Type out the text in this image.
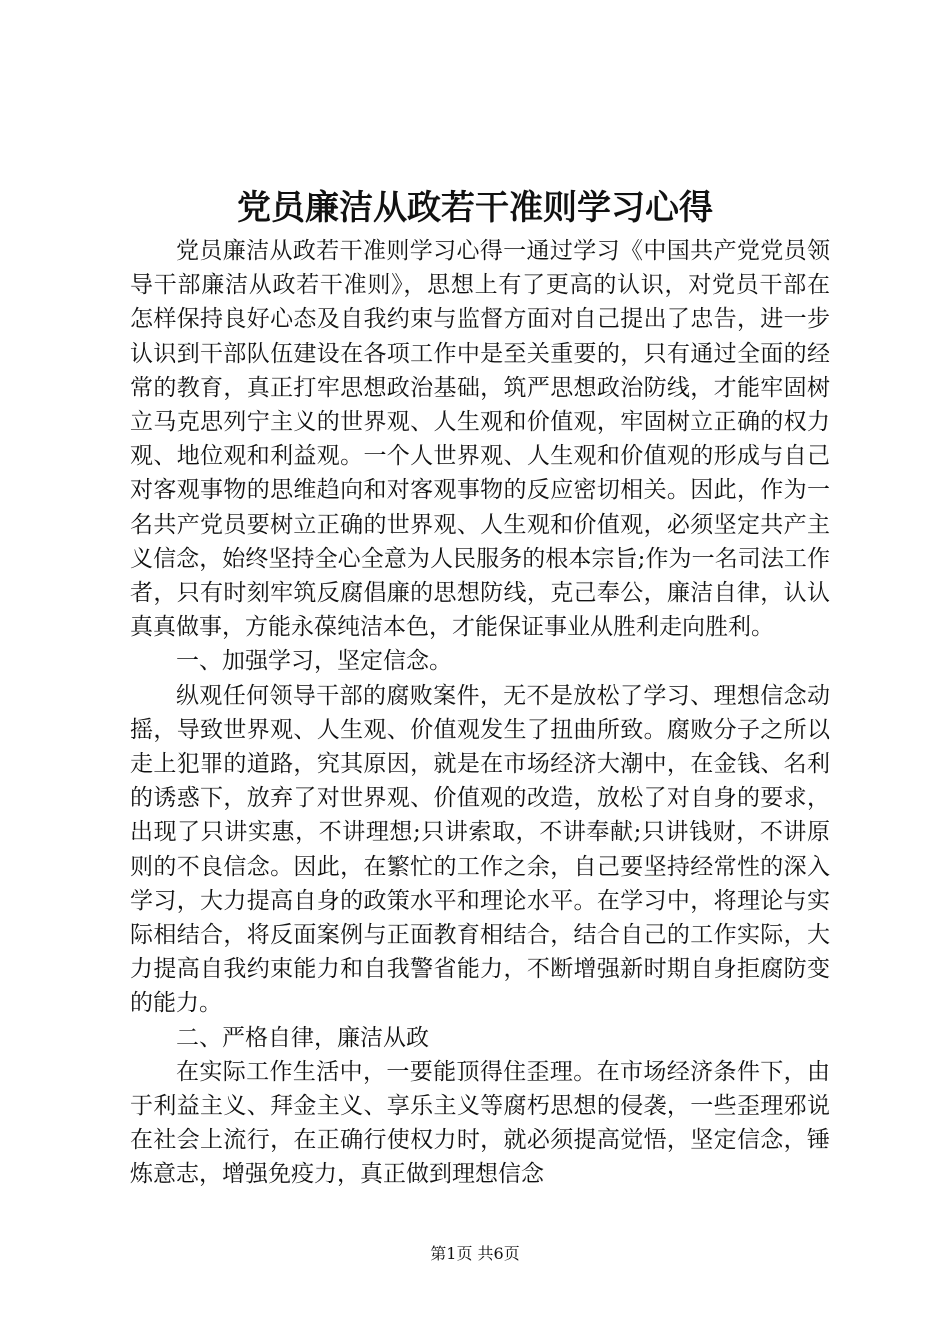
党员廉洁从政若干准则学习心得

党员廉洁从政若干准则学习心得一通过学习《中国共产党党员领导干部廉洁从政若干准则》，思想上有了更高的认识，对党员干部在怎样保持良好心态及自我约束与监督方面对自己提出了忠告，进一步认识到干部队伍建设在各项工作中是至关重要的，只有通过全面的经常的教育，真正打牢思想政治基础，筑严思想政治防线，才能牢固树立马克思列宁主义的世界观、人生观和价值观，牢固树立正确的权力观、地位观和利益观。一个人世界观、人生观和价值观的形成与自己对客观事物的思维趋向和对客观事物的反应密切相关。因此，作为一名共产党员要树立正确的世界观、人生观和价值观，必须坚定共产主义信念，始终坚持全心全意为人民服务的根本宗旨;作为一名司法工作者，只有时刻牢筑反腐倡廉的思想防线，克己奉公，廉洁自律，认认真真做事，方能永葆纯洁本色，才能保证事业从胜利走向胜利。

一、加强学习，坚定信念。

纵观任何领导干部的腐败案件，无不是放松了学习、理想信念动摇，导致世界观、人生观、价值观发生了扭曲所致。腐败分子之所以走上犯罪的道路，究其原因，就是在市场经济大潮中，在金钱、名利的诱惑下，放弃了对世界观、价值观的改造，放松了对自身的要求，出现了只讲实惠，不讲理想;只讲索取，不讲奉献;只讲钱财，不讲原则的不良信念。因此，在繁忙的工作之余，自己要坚持经常性的深入学习，大力提高自身的政策水平和理论水平。在学习中，将理论与实际相结合，将反面案例与正面教育相结合，结合自己的工作实际，大力提高自我约束能力和自我警省能力，不断增强新时期自身拒腐防变的能力。

二、严格自律，廉洁从政

在实际工作生活中，一要能顶得住歪理。在市场经济条件下，由于利益主义、拜金主义、享乐主义等腐朽思想的侵袭，一些歪理邪说在社会上流行，在正确行使权力时，就必须提高觉悟，坚定信念，锤炼意志，增强免疫力，真正做到理想信念

第1页 共6页
